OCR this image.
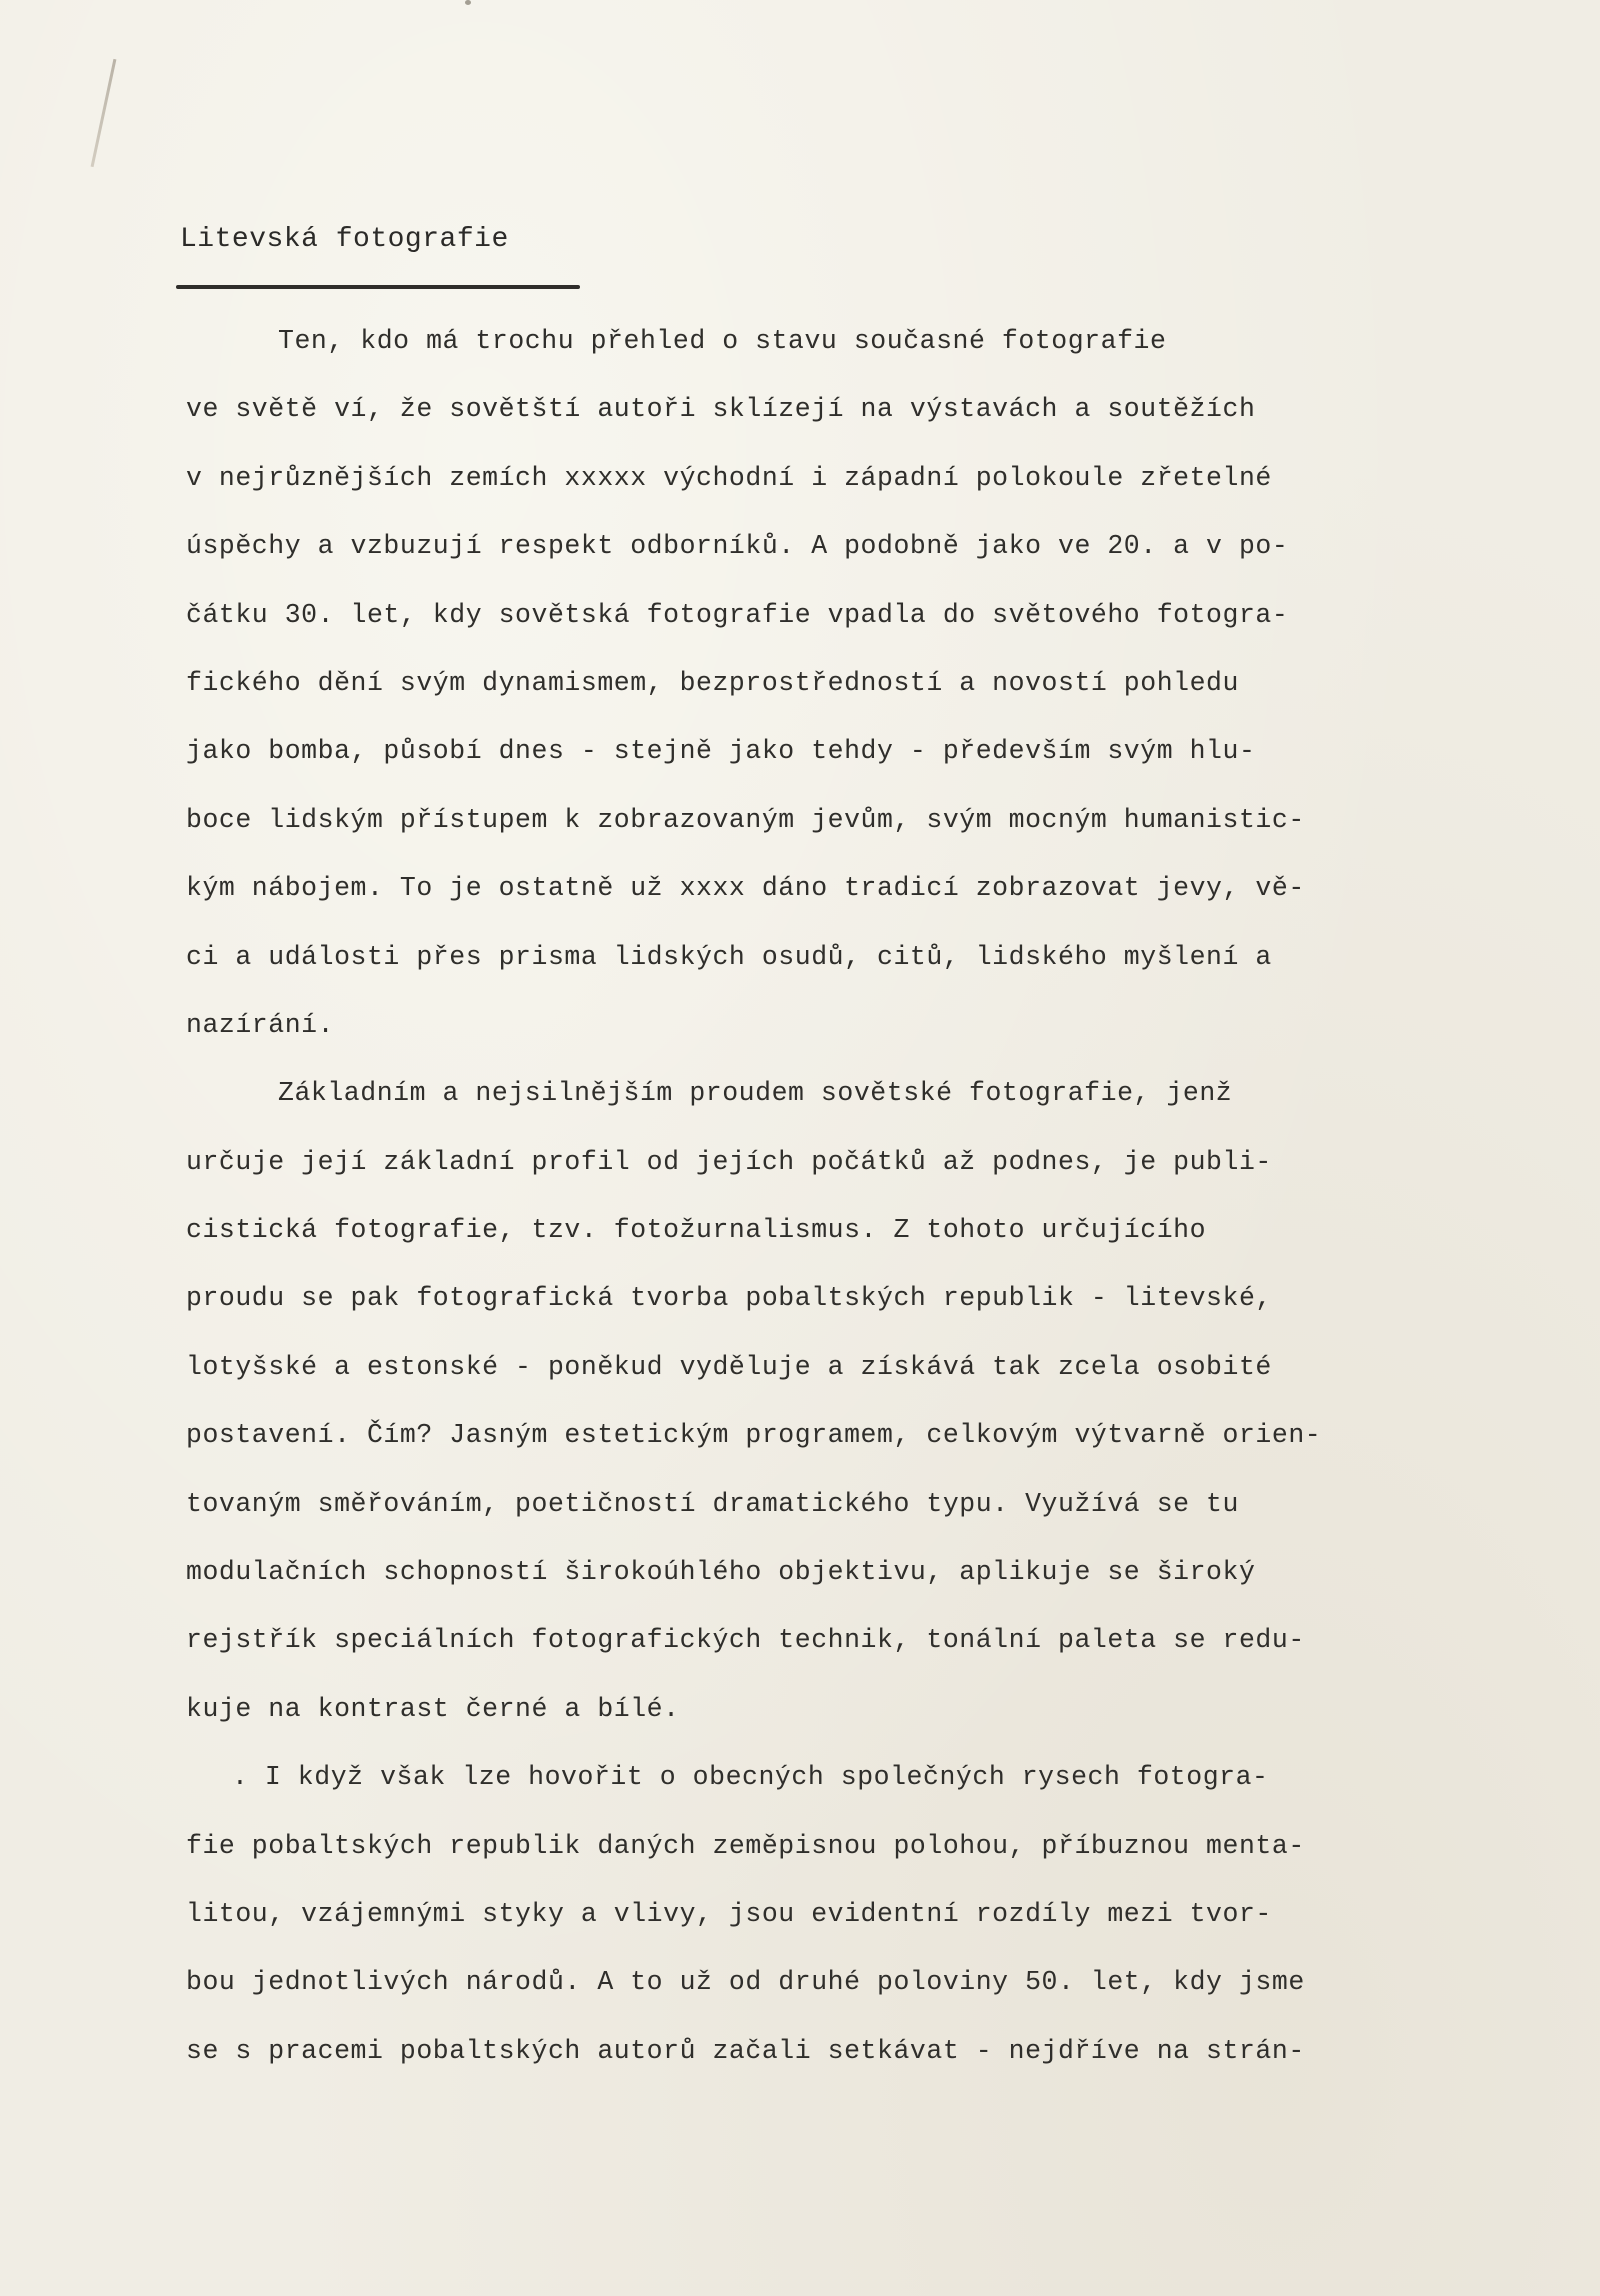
Litevská fotografie
Ten, kdo má trochu přehled o stavu současné fotografie
ve světě ví, že sovětští autoři sklízejí na výstavách a soutěžích
v nejrůznějších zemích xxxxx východní i západní polokoule zřetelné
úspěchy a vzbuzují respekt odborníků. A podobně jako ve 20. a v po-
čátku 30. let, kdy sovětská fotografie vpadla do světového fotogra-
fického dění svým dynamismem, bezprostředností a novostí pohledu
jako bomba, působí dnes - stejně jako tehdy - především svým hlu-
boce lidským přístupem k zobrazovaným jevům, svým mocným humanistic-
kým nábojem. To je ostatně už xxxx dáno tradicí zobrazovat jevy, vě-
ci a události přes prisma lidských osudů, citů, lidského myšlení a
nazírání.
Základním a nejsilnějším proudem sovětské fotografie, jenž
určuje její základní profil od jejích počátků až podnes, je publi-
cistická fotografie, tzv. fotožurnalismus. Z tohoto určujícího
proudu se pak fotografická tvorba pobaltských republik - litevské,
lotyšské a estonské - poněkud vyděluje a získává tak zcela osobité
postavení. Čím? Jasným estetickým programem, celkovým výtvarně orien-
tovaným směřováním, poetičností dramatického typu. Využívá se tu
modulačních schopností širokoúhlého objektivu, aplikuje se široký
rejstřík speciálních fotografických technik, tonální paleta se redu-
kuje na kontrast černé a bílé.
. I když však lze hovořit o obecných společných rysech fotogra-
fie pobaltských republik daných zeměpisnou polohou, příbuznou menta-
litou, vzájemnými styky a vlivy, jsou evidentní rozdíly mezi tvor-
bou jednotlivých národů. A to už od druhé poloviny 50. let, kdy jsme
se s pracemi pobaltských autorů začali setkávat - nejdříve na strán-
